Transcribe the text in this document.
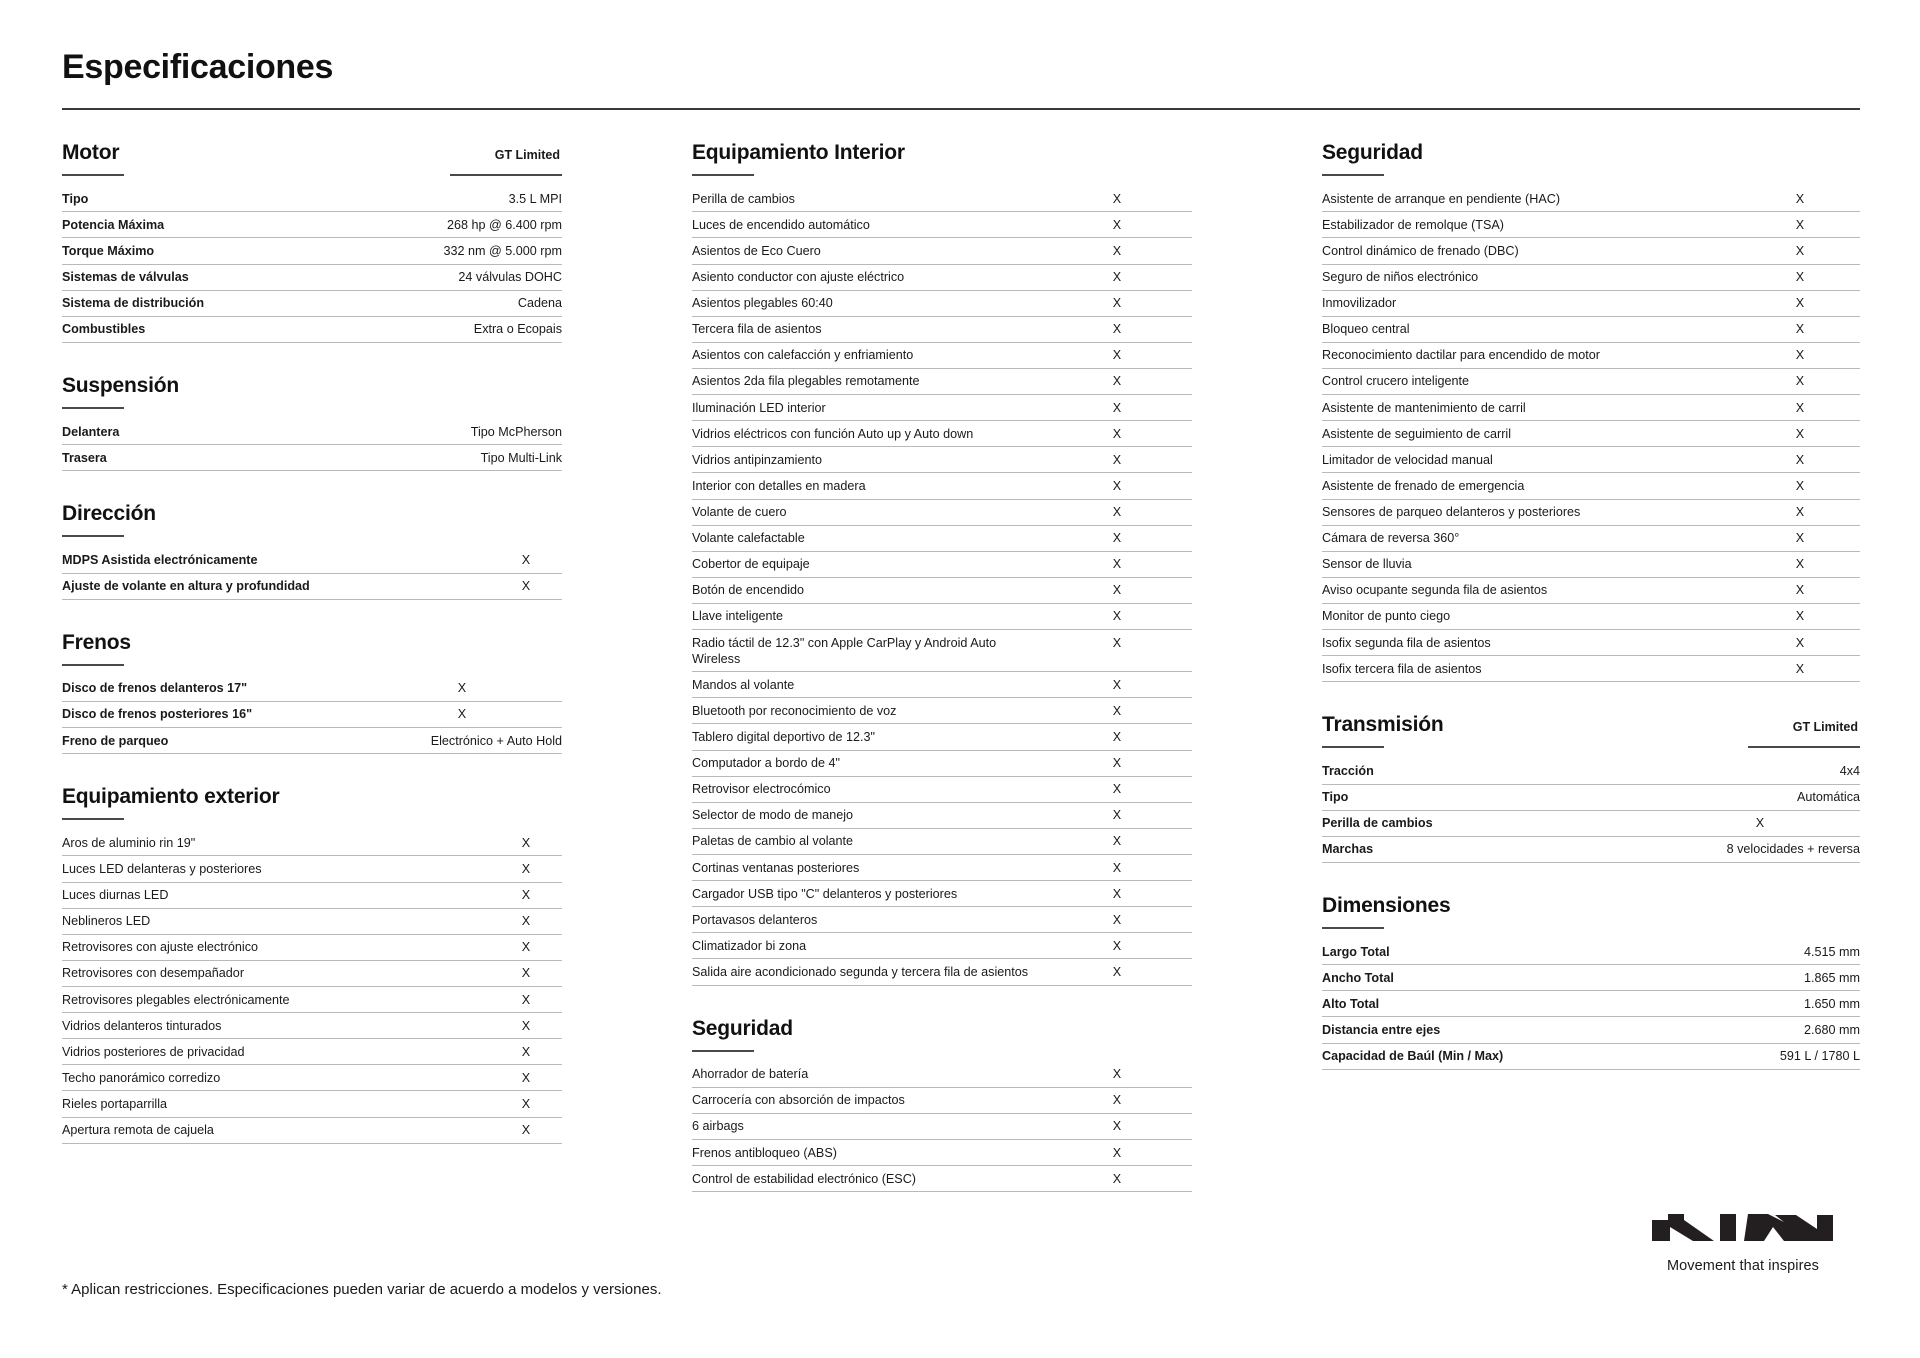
Especificaciones
Motor	GT Limited
Tipo	3.5 L MPI
Potencia Máxima	268 hp @ 6.400 rpm
Torque Máximo	332 nm @ 5.000 rpm
Sistemas de válvulas	24 válvulas DOHC
Sistema de distribución	Cadena
Combustibles	Extra o Ecopais
Suspensión
Delantera	Tipo McPherson
Trasera	Tipo Multi-Link
Dirección
MDPS Asistida electrónicamente	X
Ajuste de volante en altura y profundidad	X
Frenos
Disco de frenos delanteros 17"	X
Disco de frenos posteriores 16"	X
Freno de parqueo	Electrónico + Auto Hold
Equipamiento exterior
Aros de aluminio rin 19"	X
Luces LED delanteras y posteriores	X
Luces diurnas LED	X
Neblineros LED	X
Retrovisores con ajuste electrónico	X
Retrovisores con desempañador	X
Retrovisores plegables electrónicamente	X
Vidrios delanteros tinturados	X
Vidrios posteriores de privacidad	X
Techo panorámico corredizo	X
Rieles portaparrilla	X
Apertura remota de cajuela	X
Equipamiento Interior
Perilla de cambios	X
Luces de encendido automático	X
Asientos de Eco Cuero	X
Asiento conductor con ajuste eléctrico	X
Asientos plegables 60:40	X
Tercera fila de asientos	X
Asientos con calefacción y enfriamiento	X
Asientos 2da fila plegables remotamente	X
Iluminación LED interior	X
Vidrios eléctricos con función Auto up y Auto down	X
Vidrios antipinzamiento	X
Interior con detalles en madera	X
Volante de cuero	X
Volante calefactable	X
Cobertor de equipaje	X
Botón de encendido	X
Llave inteligente	X
Radio táctil de 12.3" con Apple CarPlay y Android Auto Wireless	X
Mandos al volante	X
Bluetooth por reconocimiento de voz	X
Tablero digital deportivo de 12.3"	X
Computador a bordo de 4"	X
Retrovisor electrocómico	X
Selector de modo de manejo	X
Paletas de cambio al volante	X
Cortinas ventanas posteriores	X
Cargador USB tipo "C" delanteros y posteriores	X
Portavasos delanteros	X
Climatizador bi zona	X
Salida aire acondicionado segunda y tercera fila de asientos	X
Seguridad
Ahorrador de batería	X
Carrocería con absorción de impactos	X
6 airbags	X
Frenos antibloqueo (ABS)	X
Control de estabilidad electrónico (ESC)	X
Seguridad
Asistente de arranque en pendiente (HAC)	X
Estabilizador de remolque (TSA)	X
Control dinámico de frenado (DBC)	X
Seguro de niños electrónico	X
Inmovilizador	X
Bloqueo central	X
Reconocimiento dactilar para encendido de motor	X
Control crucero inteligente	X
Asistente de mantenimiento de carril	X
Asistente de seguimiento de carril	X
Limitador de velocidad manual	X
Asistente de frenado de emergencia	X
Sensores de parqueo delanteros y posteriores	X
Cámara de reversa 360°	X
Sensor de lluvia	X
Aviso ocupante segunda fila de asientos	X
Monitor de punto ciego	X
Isofix segunda fila de asientos	X
Isofix tercera fila de asientos	X
Transmisión	GT Limited
Tracción	4x4
Tipo	Automática
Perilla de cambios	X
Marchas	8 velocidades + reversa
Dimensiones
Largo Total	4.515 mm
Ancho Total	1.865 mm
Alto Total	1.650 mm
Distancia entre ejes	2.680 mm
Capacidad de Baúl (Min / Max)	591 L / 1780 L
* Aplican restricciones. Especificaciones pueden variar de acuerdo a modelos y versiones.
Movement that inspires
